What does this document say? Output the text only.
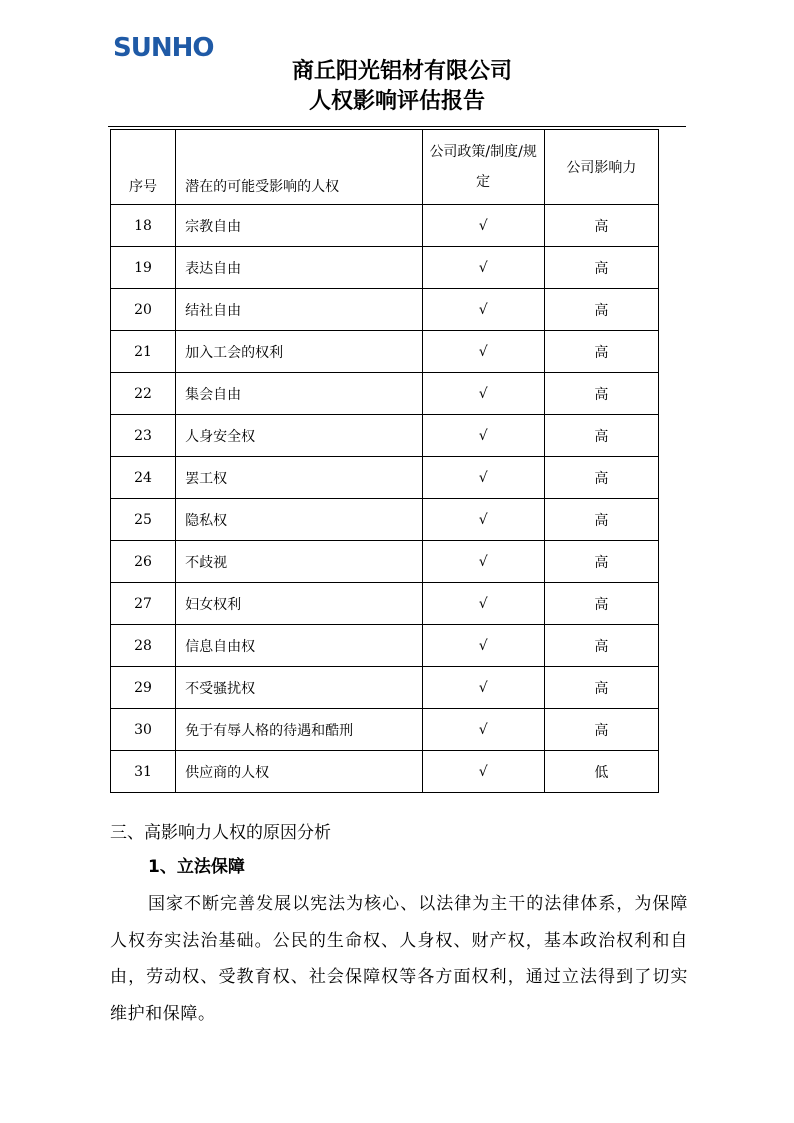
SUNHO
商丘阳光铝材有限公司
人权影响评估报告
序号	潜在的可能受影响的人权	公司政策/制度/规定	公司影响力
18	宗教自由	√	高
19	表达自由	√	高
20	结社自由	√	高
21	加入工会的权利	√	高
22	集会自由	√	高
23	人身安全权	√	高
24	罢工权	√	高
25	隐私权	√	高
26	不歧视	√	高
27	妇女权利	√	高
28	信息自由权	√	高
29	不受骚扰权	√	高
30	免于有辱人格的待遇和酷刑	√	高
31	供应商的人权	√	低
三、高影响力人权的原因分析
1、立法保障
国家不断完善发展以宪法为核心、以法律为主干的法律体系，为保障人权夯实法治基础。公民的生命权、人身权、财产权，基本政治权利和自由，劳动权、受教育权、社会保障权等各方面权利，通过立法得到了切实维护和保障。
